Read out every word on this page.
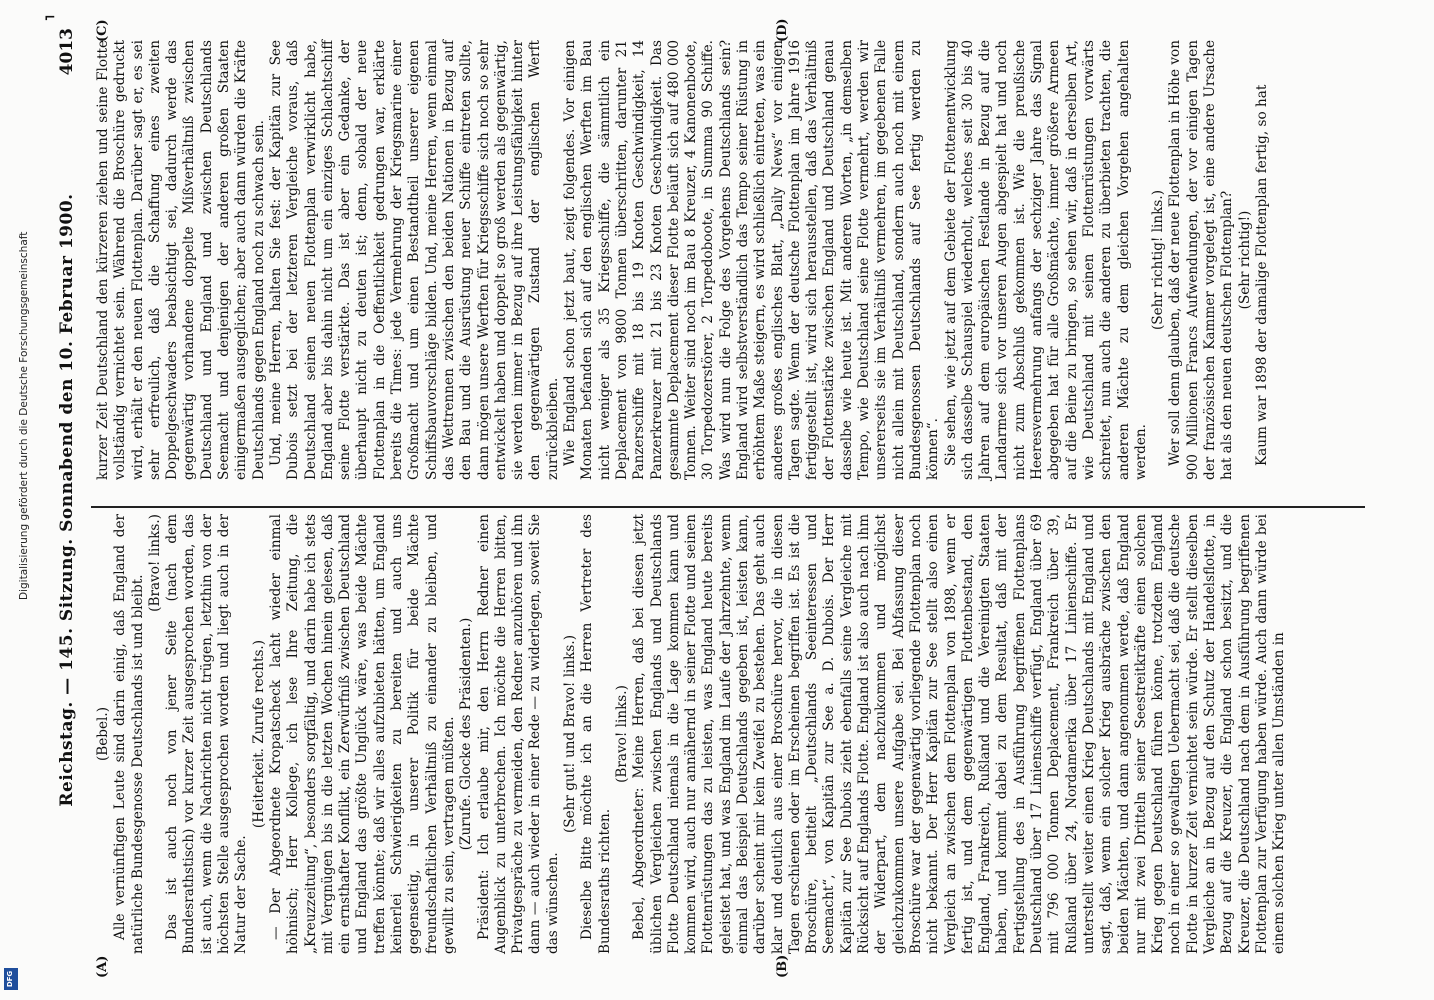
⌐
Digitalisierung gefördert durch die Deutsche Forschungsgemeinschaft
DFG
Reichstag. — 145. Sitzung. Sonnabend den 10. Februar 1900.
4013
(A)	(B)
(C)	(D)

(Bebel.) Alle vernünftigen Leute sind darin einig, daß England der natürliche Bundesgenosse Deutschlands ist und bleibt.

(Bravo! links.) Das ist auch noch von jener Seite (nach dem Bundesrathstisch) vor kurzer Zeit ausgesprochen worden, das ist auch, wenn die Nachrichten nicht trügen, letzthin von der höchsten Stelle ausgesprochen worden und liegt auch in der Natur der Sache.

(Heiterkeit. Zurufe rechts.) — Der Abgeordnete Kropatscheck lacht wieder einmal höhnisch; Herr Kollege, ich lese Ihre Zeitung, die „Kreuzzeitung“, besonders sorgfältig, und darin habe ich stets mit Vergnügen bis in die letzten Wochen hinein gelesen, daß ein ernsthafter Konflikt, ein Zerwürfniß zwischen Deutschland und England das größte Unglück wäre, was beide Mächte treffen könnte; daß wir alles aufzubieten hätten, um England keinerlei Schwierigkeiten zu bereiten und auch uns gegenseitig, in unserer Politik für beide Mächte freundschaftlichen Verhältniß zu einander zu bleiben, und gewillt zu sein, vertragen müßten. (Zurufe. Glocke des Präsidenten.) Präsident: Ich erlaube mir, den Herrn Redner einen Augenblick zu unterbrechen. Ich möchte die Herren bitten, Privatgespräche zu vermeiden, den Redner anzuhören und ihn dann — auch wieder in einer Rede — zu widerlegen, soweit Sie das wünschen.

(Sehr gut! und Bravo! links.) Dieselbe Bitte möchte ich an die Herren Vertreter des Bundesraths richten.

(Bravo! links.) Bebel, Abgeordneter: Meine Herren, daß bei diesen jetzt üblichen Vergleichen zwischen Englands und Deutschlands Flotte Deutschland niemals in die Lage kommen kann und kommen wird, auch nur annähernd in seiner Flotte und seinen Flottenrüstungen das zu leisten, was England heute bereits geleistet hat, und was England im Laufe der Jahrzehnte, wenn einmal das Beispiel Deutschlands gegeben ist, leisten kann, darüber scheint mir kein Zweifel zu bestehen. Das geht auch klar und deutlich aus einer Broschüre hervor, die in diesen Tagen erschienen oder im Erscheinen begriffen ist. Es ist die Broschüre, betitelt „Deutschlands Seeinteressen und Seemacht“, von Kapitän zur See a. D. Dubois. Der Herr Kapitän zur See Dubois zieht ebenfalls seine Vergleiche mit Rücksicht auf Englands Flotte. England ist also auch nach ihm der Widerpart, dem nachzukommen und möglichst gleichzukommen unsere Aufgabe sei. Bei Abfassung dieser Broschüre war der gegenwärtig vorliegende Flottenplan noch nicht bekannt. Der Herr Kapitän zur See stellt also einen Vergleich an zwischen dem Flottenplan von 1898, wenn er fertig ist, und dem gegenwärtigen Flottenbestand, den England, Frankreich, Rußland und die Vereinigten Staaten haben, und kommt dabei zu dem Resultat, daß mit der Fertigstellung des in Ausführung begriffenen Flottenplans Deutschland über 17 Linienschiffe verfügt, England über 69 mit 796 000 Tonnen Deplacement, Frankreich über 39, Rußland über 24, Nordamerika über 17 Linienschiffe. Er unterstellt weiter einen Krieg Deutschlands mit England und sagt, daß, wenn ein solcher Krieg ausbräche zwischen den beiden Mächten, und dann angenommen werde, daß England nur mit zwei Dritteln seiner Seestreitkräfte einen solchen Krieg gegen Deutschland führen könne, trotzdem England noch in einer so gewaltigen Uebermacht sei, daß die deutsche Flotte in kurzer Zeit vernichtet sein würde. Er stellt dieselben Vergleiche an in Bezug auf den Schutz der Handelsflotte, in Bezug auf die Kreuzer, die England schon besitzt, und die Kreuzer, die Deutschland nach dem in Ausführung begriffenen Flottenplan zur Verfügung haben würde. Auch dann würde bei einem solchen Krieg unter allen Umständen in

kurzer Zeit Deutschland den kürzeren ziehen und seine Flotte vollständig vernichtet sein. Während die Broschüre gedruckt wird, erhält er den neuen Flottenplan. Darüber sagt er, es sei sehr erfreulich, daß die Schaffung eines zweiten Doppelgeschwaders beabsichtigt sei, dadurch werde das gegenwärtig vorhandene doppelte Mißverhältniß zwischen Deutschland und England und zwischen Deutschlands Seemacht und denjenigen der anderen großen Staaten einigermaßen ausgeglichen; aber auch dann würden die Kräfte Deutschlands gegen England noch zu schwach sein. Und, meine Herren, halten Sie fest: der Kapitän zur See Dubois setzt bei der letzteren Vergleiche voraus, daß Deutschland seinen neuen Flottenplan verwirklicht habe, England aber bis dahin nicht um ein einziges Schlachtschiff seine Flotte verstärkte. Das ist aber ein Gedanke, der überhaupt nicht zu deuten ist; denn, sobald der neue Flottenplan in die Oeffentlichkeit gedrungen war, erklärte bereits die Times: jede Vermehrung der Kriegsmarine einer Großmacht und um einen Bestandtheil unserer eigenen Schiffsbauvorschläge bilden. Und, meine Herren, wenn einmal das Wettrennen zwischen den beiden Nationen in Bezug auf den Bau und die Ausrüstung neuer Schiffe eintreten sollte, dann mögen unsere Werften für Kriegsschiffe sich noch so sehr entwickelt haben und doppelt so groß werden als gegenwärtig, sie werden immer in Bezug auf ihre Leistungsfähigkeit hinter den gegenwärtigen Zustand der englischen Werft zurückbleiben. Wie England schon jetzt baut, zeigt folgendes. Vor einigen Monaten befanden sich auf den englischen Werften im Bau nicht weniger als 35 Kriegsschiffe, die sämmtlich ein Deplacement von 9800 Tonnen überschritten, darunter 21 Panzerschiffe mit 18 bis 19 Knoten Geschwindigkeit, 14 Panzerkreuzer mit 21 bis 23 Knoten Geschwindigkeit. Das gesammte Deplacement dieser Flotte beläuft sich auf 480 000 Tonnen. Weiter sind noch im Bau 8 Kreuzer, 4 Kanonenboote, 30 Torpedozerstörer, 2 Torpedoboote, in Summa 90 Schiffe. Was wird nun die Folge des Vorgehens Deutschlands sein? England wird selbstverständlich das Tempo seiner Rüstung in erhöhtem Maße steigern, es wird schließlich eintreten, was ein anderes großes englisches Blatt, „Daily News“ vor einigen Tagen sagte. Wenn der deutsche Flottenplan im Jahre 1916 fertiggestellt ist, wird sich herausstellen, daß das Verhältniß der Flottenstärke zwischen England und Deutschland genau dasselbe wie heute ist. Mit anderen Worten, „in demselben Tempo, wie Deutschland seine Flotte vermehrt, werden wir unsererseits sie im Verhältniß vermehren, im gegebenen Falle nicht allein mit Deutschland, sondern auch noch mit einem Bundesgenossen Deutschlands auf See fertig werden zu können“. Sie sehen, wie jetzt auf dem Gebiete der Flottenentwicklung sich dasselbe Schauspiel wiederholt, welches seit 30 bis 40 Jahren auf dem europäischen Festlande in Bezug auf die Landarmee sich vor unseren Augen abgespielt hat und noch nicht zum Abschluß gekommen ist. Wie die preußische Heeresvermehrung anfangs der sechziger Jahre das Signal abgegeben hat für alle Großmächte, immer größere Armeen auf die Beine zu bringen, so sehen wir, daß in derselben Art, wie Deutschland mit seinen Flottenrüstungen vorwärts schreitet, nun auch die anderen zu überbieten trachten, die anderen Mächte zu dem gleichen Vorgehen angehalten werden.

(Sehr richtig! links.) Wer soll denn glauben, daß der neue Flottenplan in Höhe von 900 Millionen Francs Aufwendungen, der vor einigen Tagen der französischen Kammer vorgelegt ist, eine andere Ursache hat als den neuen deutschen Flottenplan? (Sehr richtig!) Kaum war 1898 der damalige Flottenplan fertig, so hat
